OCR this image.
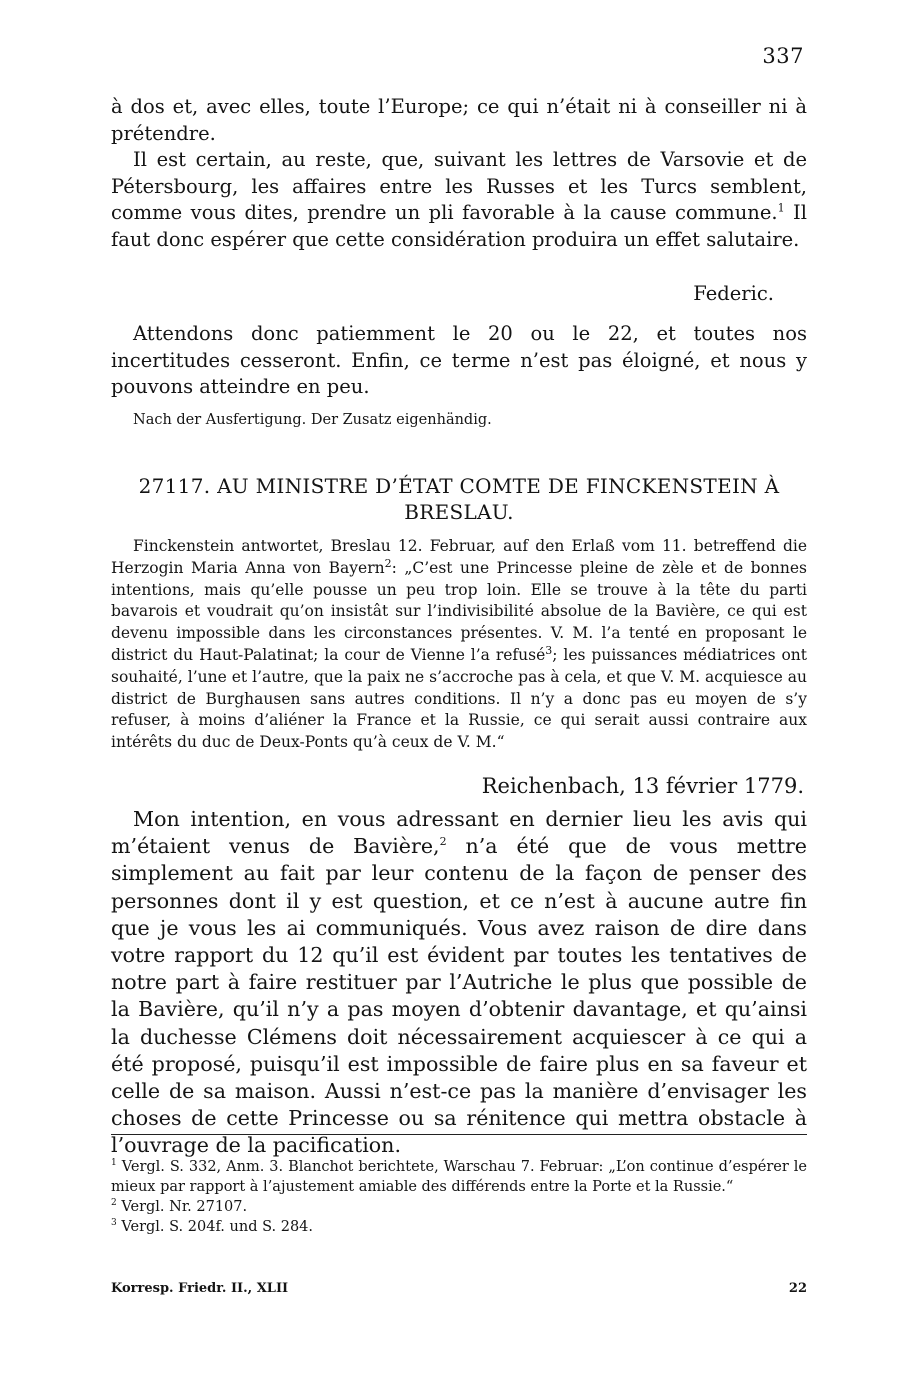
337

à dos et, avec elles, toute l’Europe; ce qui n’était ni à conseiller ni à prétendre.

Il est certain, au reste, que, suivant les lettres de Varsovie et de Pétersbourg, les affaires entre les Russes et les Turcs semblent, comme vous dites, prendre un pli favorable à la cause commune.$^1$ Il faut donc espérer que cette considération produira un effet salutaire.

Federic.

Attendons donc patiemment le 20 ou le 22, et toutes nos incertitudes cesseront. Enfin, ce terme n’est pas éloigné, et nous y pouvons atteindre en peu.

Nach der Ausfertigung. Der Zusatz eigenhändig.

27117. AU MINISTRE D’ÉTAT COMTE DE FINCKENSTEIN À BRESLAU.

Finckenstein antwortet, Breslau 12. Februar, auf den Erlaß vom 11. betreffend die Herzogin Maria Anna von Bayern$^2$: „C’est une Princesse pleine de zèle et de bonnes intentions, mais qu’elle pousse un peu trop loin. Elle se trouve à la tête du parti bavarois et voudrait qu’on insistât sur l’indivisibilité absolue de la Bavière, ce qui est devenu impossible dans les circonstances présentes. V. M. l’a tenté en proposant le district du Haut-Palatinat; la cour de Vienne l’a refusé$^3$; les puissances médiatrices ont souhaité, l’une et l’autre, que la paix ne s’accroche pas à cela, et que V. M. acquiesce au district de Burghausen sans autres conditions. Il n’y a donc pas eu moyen de s’y refuser, à moins d’aliéner la France et la Russie, ce qui serait aussi contraire aux intérêts du duc de Deux-Ponts qu’à ceux de V. M.“

Reichenbach, 13 février 1779.

Mon intention, en vous adressant en dernier lieu les avis qui m’étaient venus de Bavière,$^2$ n’a été que de vous mettre simplement au fait par leur contenu de la façon de penser des personnes dont il y est question, et ce n’est à aucune autre fin que je vous les ai communiqués. Vous avez raison de dire dans votre rapport du 12 qu’il est évident par toutes les tentatives de notre part à faire restituer par l’Autriche le plus que possible de la Bavière, qu’il n’y a pas moyen d’obtenir davantage, et qu’ainsi la duchesse Clémens doit nécessairement acquiescer à ce qui a été proposé, puisqu’il est impossible de faire plus en sa faveur et celle de sa maison. Aussi n’est-ce pas la manière d’envisager les choses de cette Princesse ou sa rénitence qui mettra obstacle à l’ouvrage de la pacification.

$^1$ Vergl. S. 332, Anm. 3. Blanchot berichtete, Warschau 7. Februar: „L’on continue d’espérer le mieux par rapport à l’ajustement amiable des différends entre la Porte et la Russie.“

$^2$ Vergl. Nr. 27107.

$^3$ Vergl. S. 204f. und S. 284.

Korresp. Friedr. II., XLII	22
